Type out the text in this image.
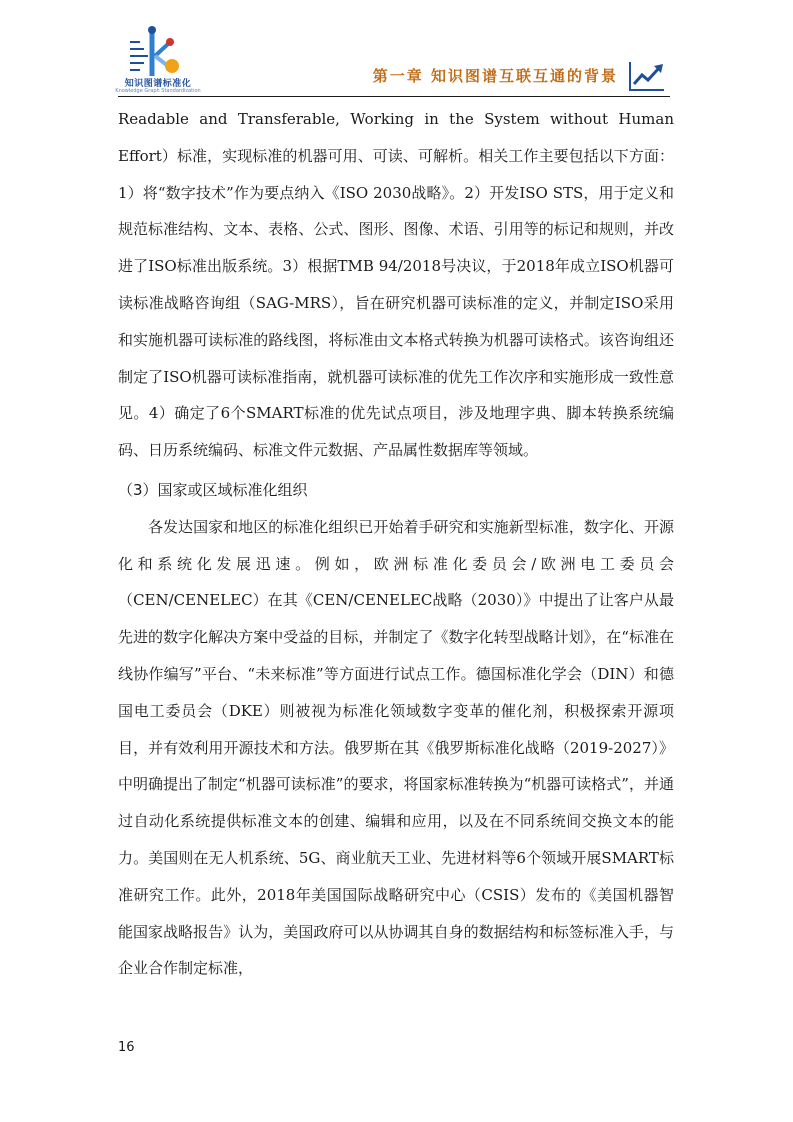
知识图谱标准化
Knowledge Graph Standardization
第一章 知识图谱互联互通的背景

Readable and Transferable, Working in the System without Human Effort）标准，实现标准的机器可用、可读、可解析。相关工作主要包括以下方面：1）将“数字技术”作为要点纳入《ISO 2030战略》。2）开发ISO STS，用于定义和规范标准结构、文本、表格、公式、图形、图像、术语、引用等的标记和规则，并改进了ISO标准出版系统。3）根据TMB 94/2018号决议，于2018年成立ISO机器可读标准战略咨询组（SAG-MRS），旨在研究机器可读标准的定义，并制定ISO采用和实施机器可读标准的路线图，将标准由文本格式转换为机器可读格式。该咨询组还制定了ISO机器可读标准指南，就机器可读标准的优先工作次序和实施形成一致性意见。4）确定了6个SMART标准的优先试点项目，涉及地理字典、脚本转换系统编码、日历系统编码、标准文件元数据、产品属性数据库等领域。

（3）国家或区域标准化组织

各发达国家和地区的标准化组织已开始着手研究和实施新型标准，数字化、开源化和系统化发展迅速。例如，欧洲标准化委员会/欧洲电工委员会（CEN/CENELEC）在其《CEN/CENELEC战略（2030）》中提出了让客户从最先进的数字化解决方案中受益的目标，并制定了《数字化转型战略计划》，在“标准在线协作编写”平台、“未来标准”等方面进行试点工作。德国标准化学会（DIN）和德国电工委员会（DKE）则被视为标准化领域数字变革的催化剂，积极探索开源项目，并有效利用开源技术和方法。俄罗斯在其《俄罗斯标准化战略（2019-2027）》中明确提出了制定“机器可读标准”的要求，将国家标准转换为“机器可读格式”，并通过自动化系统提供标准文本的创建、编辑和应用，以及在不同系统间交换文本的能力。美国则在无人机系统、5G、商业航天工业、先进材料等6个领域开展SMART标准研究工作。此外，2018年美国国际战略研究中心（CSIS）发布的《美国机器智能国家战略报告》认为，美国政府可以从协调其自身的数据结构和标签标准入手，与企业合作制定标准，

16
